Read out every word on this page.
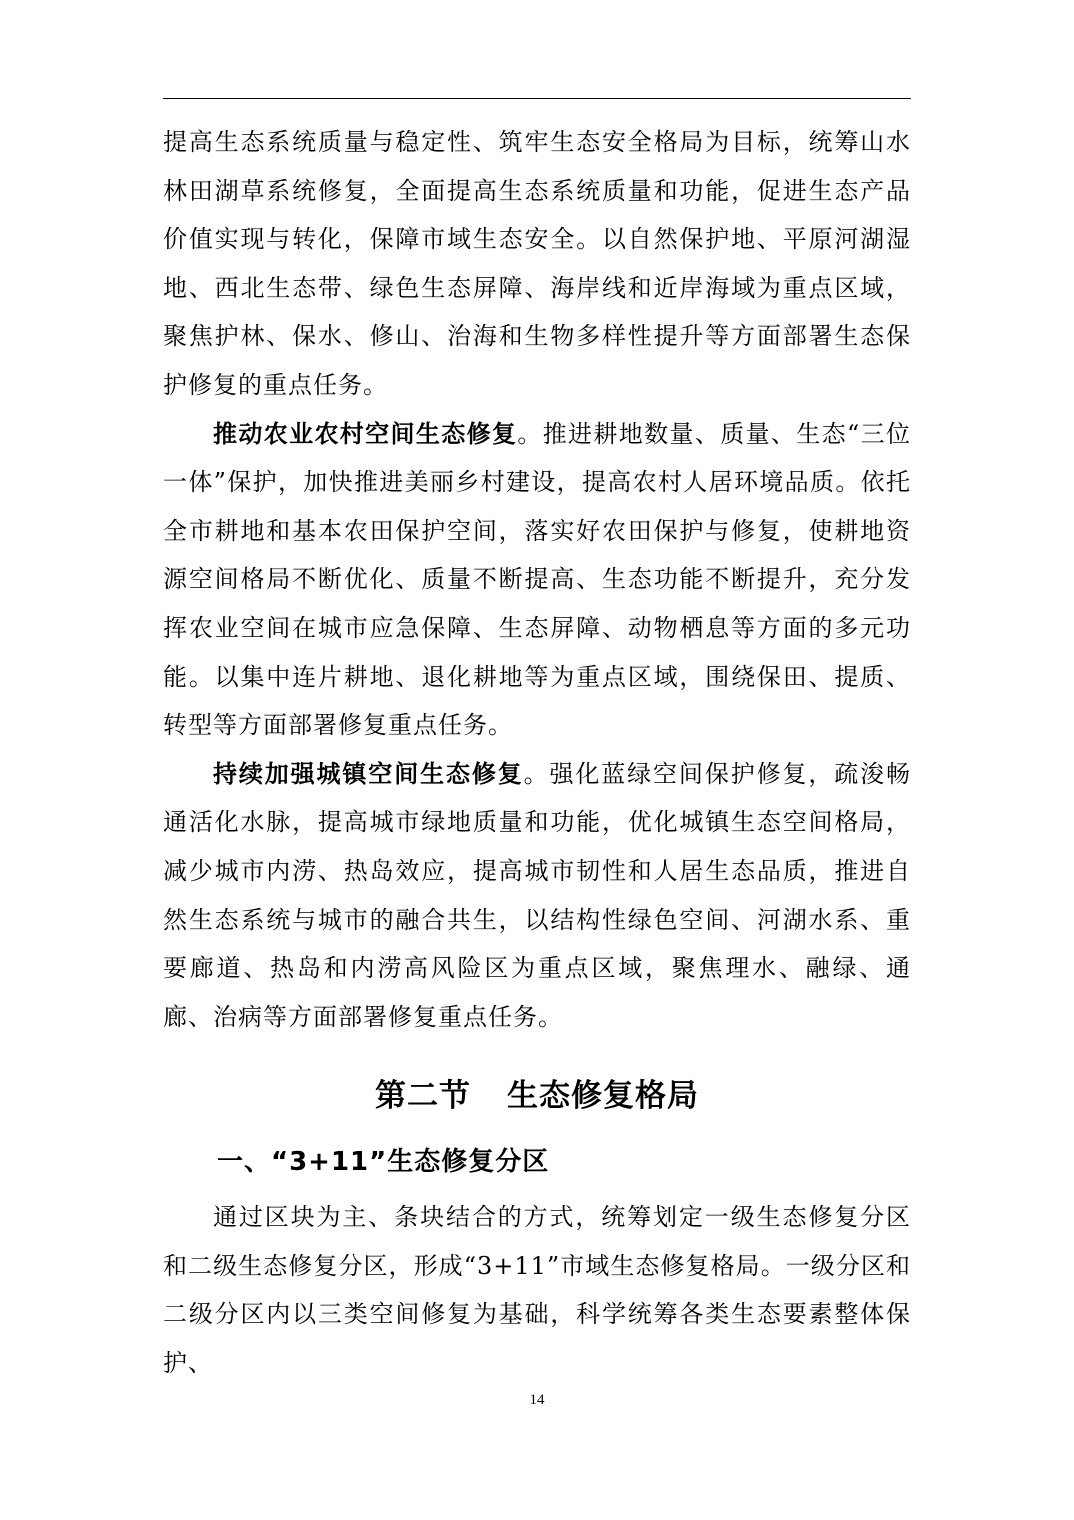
提高生态系统质量与稳定性、筑牢生态安全格局为目标，统筹山水林田湖草系统修复，全面提高生态系统质量和功能，促进生态产品价值实现与转化，保障市域生态安全。以自然保护地、平原河湖湿地、西北生态带、绿色生态屏障、海岸线和近岸海域为重点区域，聚焦护林、保水、修山、治海和生物多样性提升等方面部署生态保护修复的重点任务。

推动农业农村空间生态修复。推进耕地数量、质量、生态“三位一体”保护，加快推进美丽乡村建设，提高农村人居环境品质。依托全市耕地和基本农田保护空间，落实好农田保护与修复，使耕地资源空间格局不断优化、质量不断提高、生态功能不断提升，充分发挥农业空间在城市应急保障、生态屏障、动物栖息等方面的多元功能。以集中连片耕地、退化耕地等为重点区域，围绕保田、提质、转型等方面部署修复重点任务。

持续加强城镇空间生态修复。强化蓝绿空间保护修复，疏浚畅通活化水脉，提高城市绿地质量和功能，优化城镇生态空间格局，减少城市内涝、热岛效应，提高城市韧性和人居生态品质，推进自然生态系统与城市的融合共生，以结构性绿色空间、河湖水系、重要廊道、热岛和内涝高风险区为重点区域，聚焦理水、融绿、通廊、治病等方面部署修复重点任务。

第二节 生态修复格局
一、“3+11”生态修复分区

通过区块为主、条块结合的方式，统筹划定一级生态修复分区和二级生态修复分区，形成“3+11”市域生态修复格局。一级分区和二级分区内以三类空间修复为基础，科学统筹各类生态要素整体保护、

14
